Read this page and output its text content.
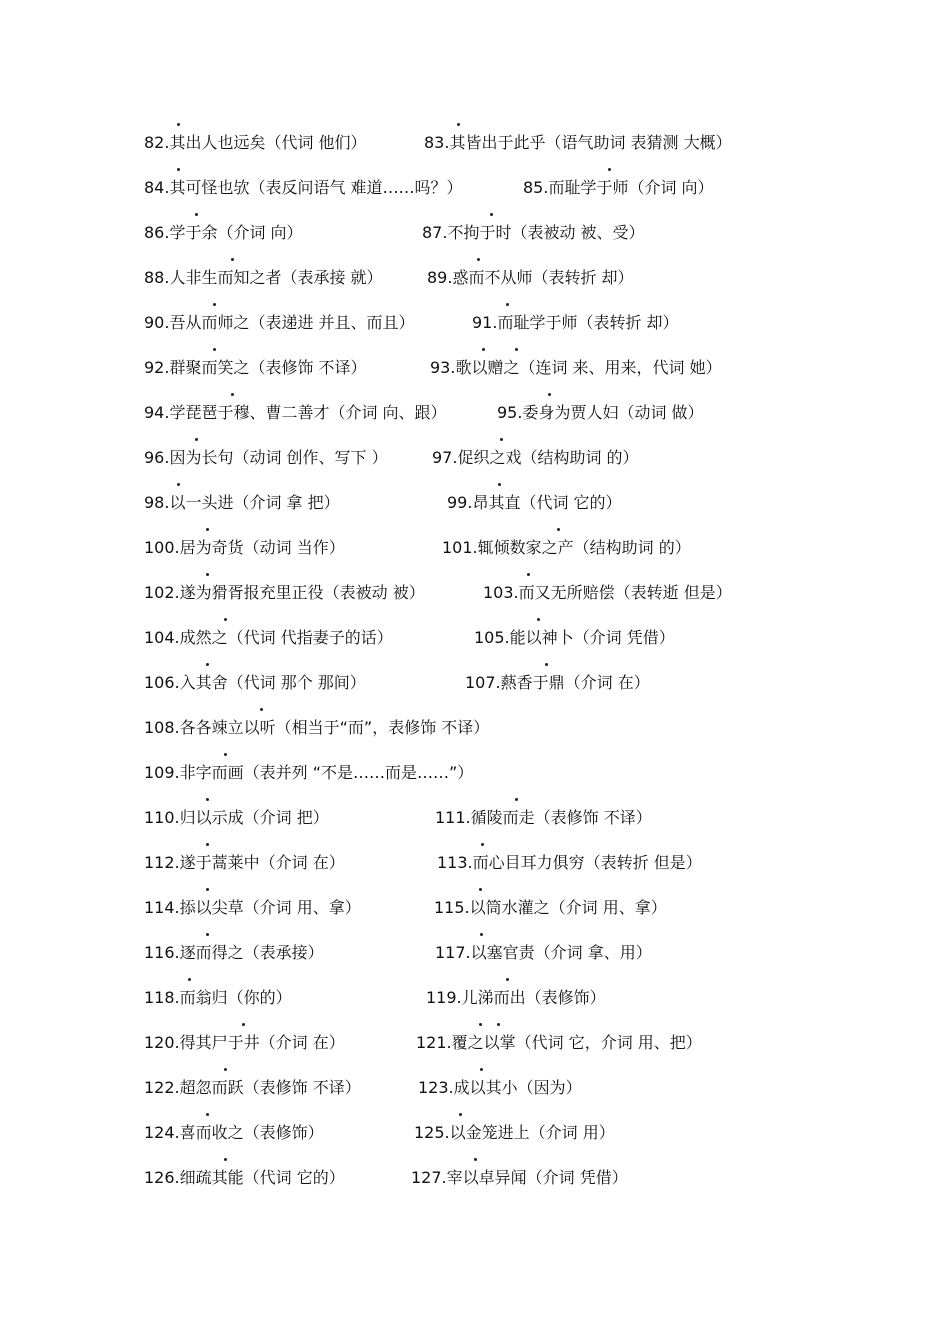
82.其出人也远矣（代词 他们）	83.其皆出于此乎（语气助词 表猜测 大概）
84.其可怪也欤（表反问语气 难道……吗？）	85.而耻学于师（介词 向）
86.学于余（介词 向）	87.不拘于时（表被动 被、受）
88.人非生而知之者（表承接 就）	89.惑而不从师（表转折 却）
90.吾从而师之（表递进 并且、而且）	91.而耻学于师（表转折 却）
92.群聚而笑之（表修饰 不译）	93.歌以赠之（连词 来、用来，代词 她）
94.学琵琶于穆、曹二善才（介词 向、跟）	95.委身为贾人妇（动词 做）
96.因为长句（动词 创作、写下 ）	97.促织之戏（结构助词 的）
98.以一头进（介词 拿 把）	99.昂其直（代词 它的）
100.居为奇货（动词 当作）	101.辄倾数家之产（结构助词 的）
102.遂为猾胥报充里正役（表被动 被）	103.而又无所赔偿（表转逝 但是）
104.成然之（代词 代指妻子的话）	105.能以神卜（介词 凭借）
106.入其舍（代词 那个 那间）	107.爇香于鼎（介词 在）
108.各各竦立以听（相当于“而”，表修饰 不译）
109.非字而画（表并列 “不是……而是……”）
110.归以示成（介词 把）	111.循陵而走（表修饰 不译）
112.遂于蒿莱中（介词 在）	113.而心目耳力俱穷（表转折 但是）
114.掭以尖草（介词 用、拿）	115.以筒水灌之（介词 用、拿）
116.逐而得之（表承接）	117.以塞官责（介词 拿、用）
118.而翁归（你的）	119.儿涕而出（表修饰）
120.得其尸于井（介词 在）	121.覆之以掌（代词 它，介词 用、把）
122.超忽而跃（表修饰 不译）	123.成以其小（因为）
124.喜而收之（表修饰）	125.以金笼进上（介词 用）
126.细疏其能（代词 它的）	127.宰以卓异闻（介词 凭借）
